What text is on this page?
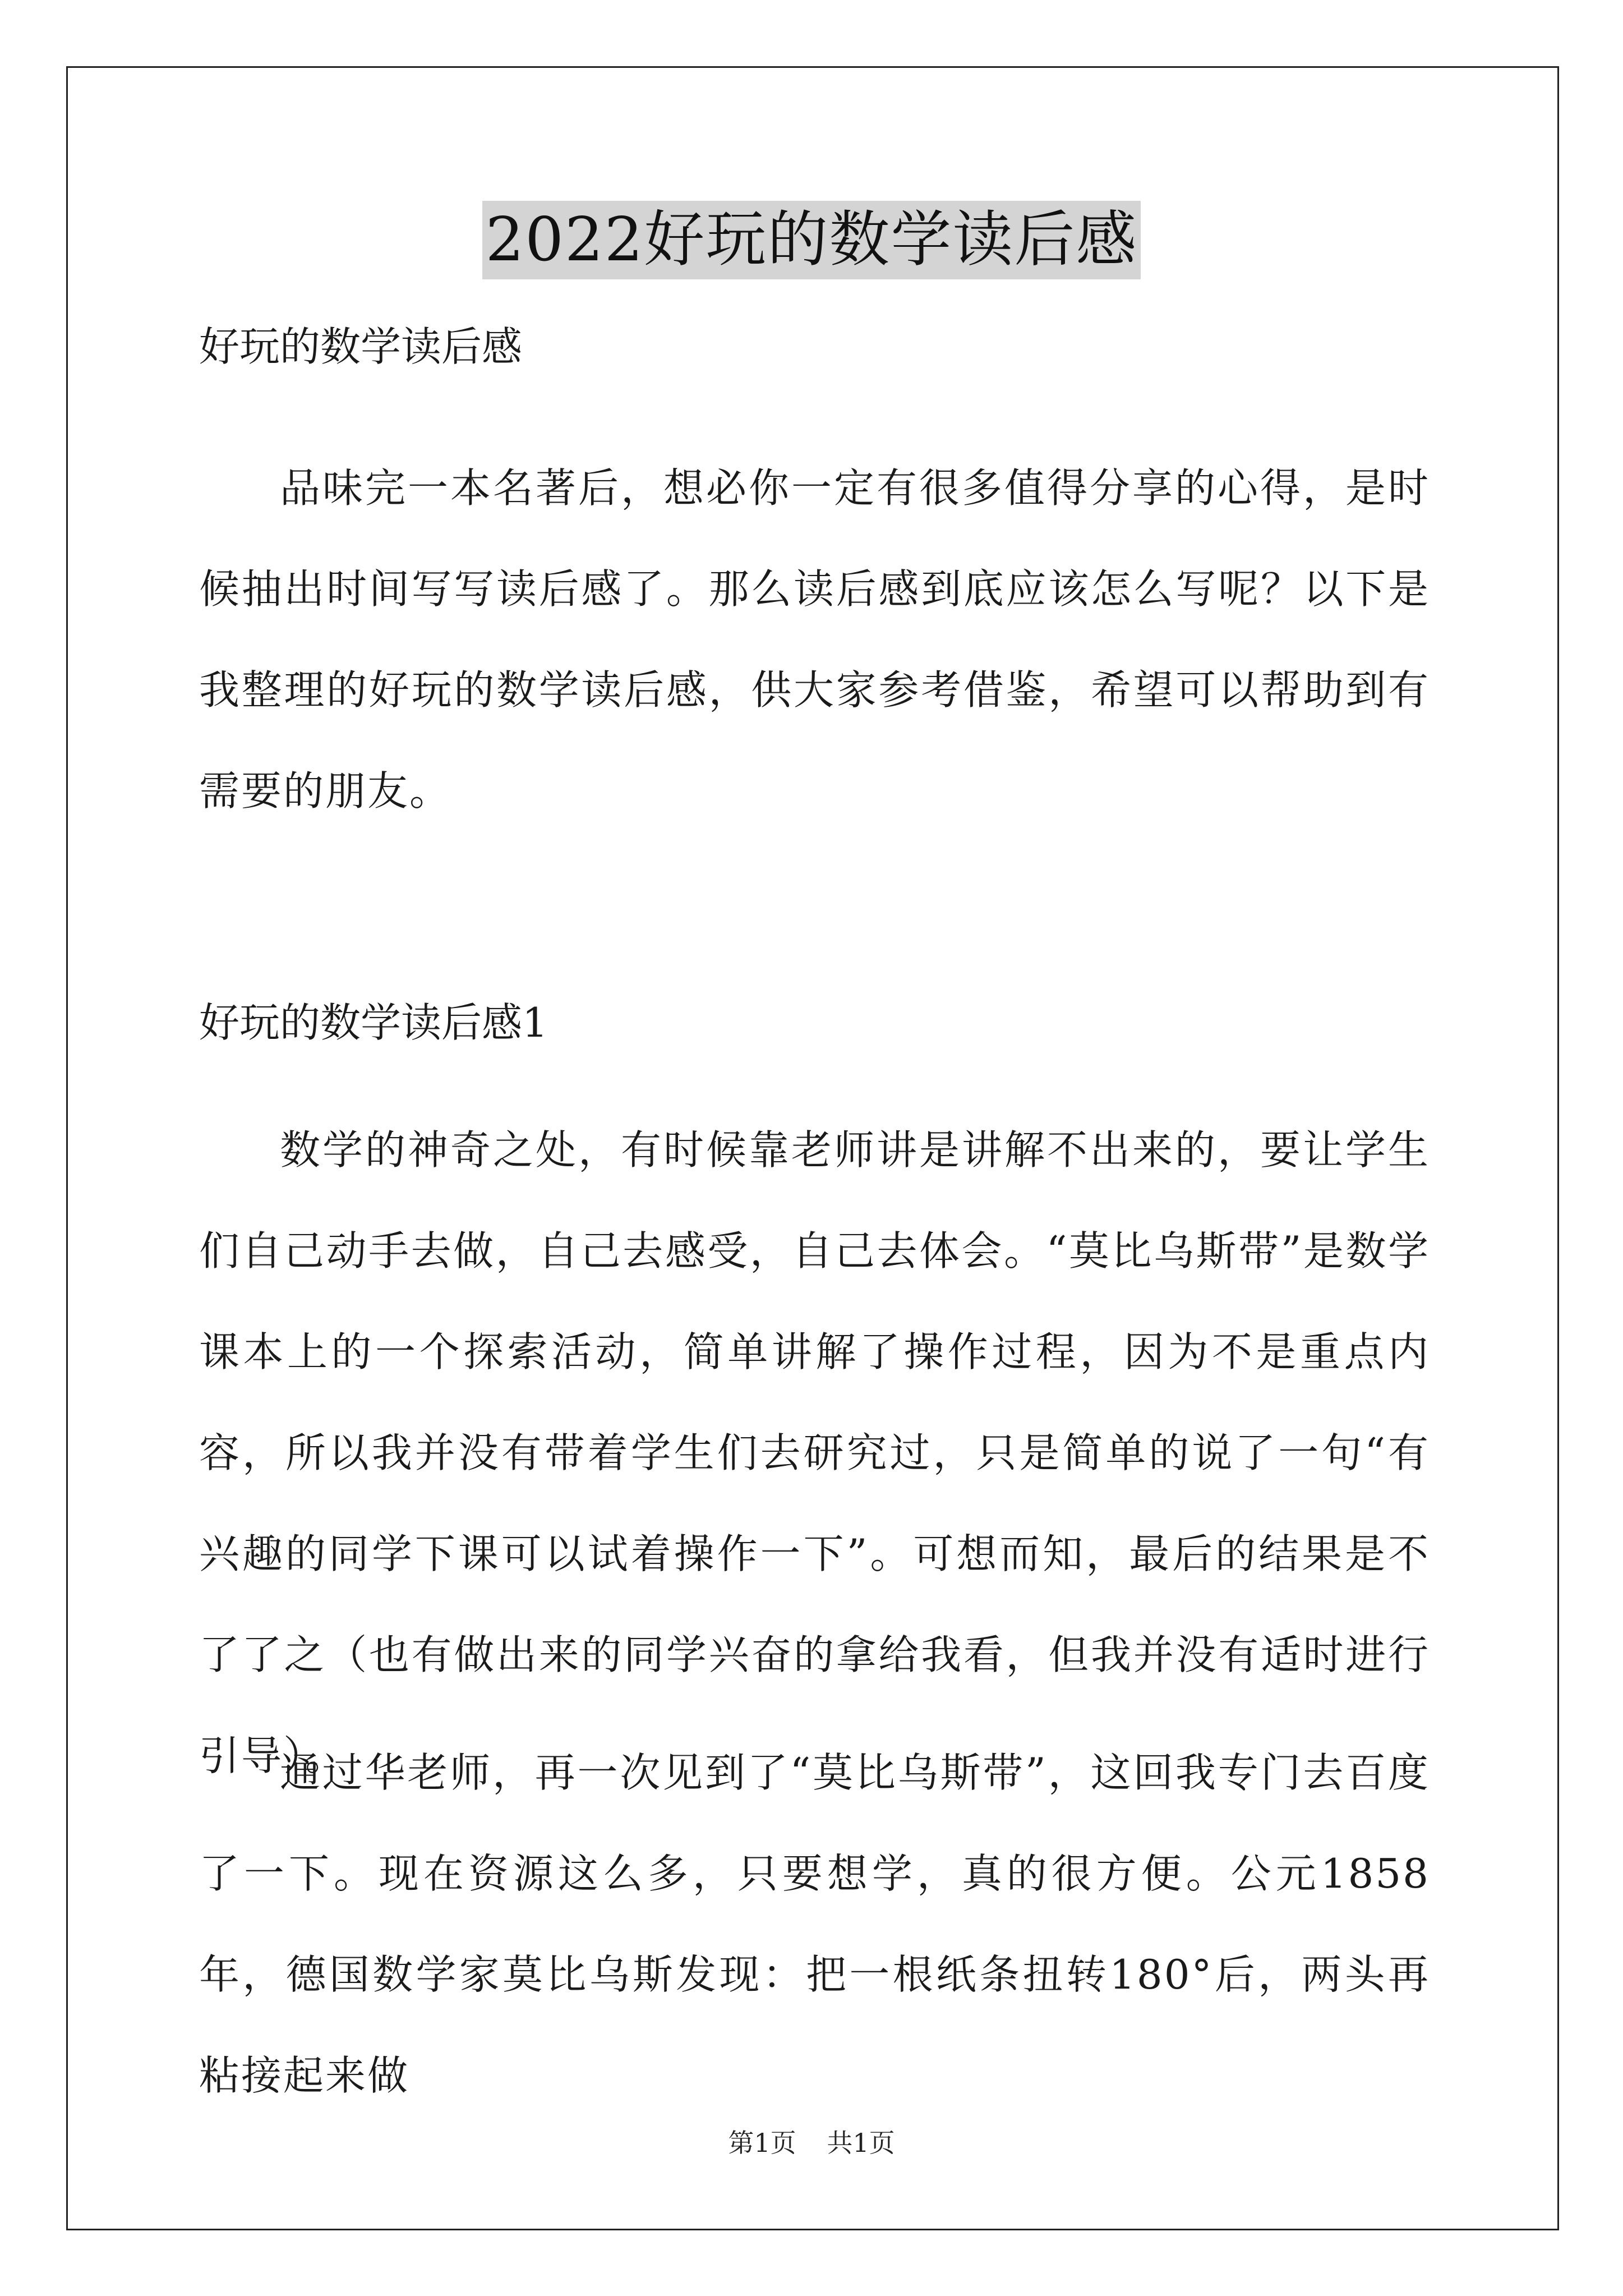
2022好玩的数学读后感
好玩的数学读后感

品味完一本名著后，想必你一定有很多值得分享的心得，是时候抽出时间写写读后感了。那么读后感到底应该怎么写呢？以下是我整理的好玩的数学读后感，供大家参考借鉴，希望可以帮助到有需要的朋友。

好玩的数学读后感1

数学的神奇之处，有时候靠老师讲是讲解不出来的，要让学生们自己动手去做，自己去感受，自己去体会。“莫比乌斯带”是数学课本上的一个探索活动，简单讲解了操作过程，因为不是重点内容，所以我并没有带着学生们去研究过，只是简单的说了一句“有兴趣的同学下课可以试着操作一下”。可想而知，最后的结果是不了了之（也有做出来的同学兴奋的拿给我看，但我并没有适时进行引导）。

通过华老师，再一次见到了“莫比乌斯带”，这回我专门去百度了一下。现在资源这么多，只要想学，真的很方便。公元1858年，德国数学家莫比乌斯发现：把一根纸条扭转180°后，两头再粘接起来做

第1页 共1页
